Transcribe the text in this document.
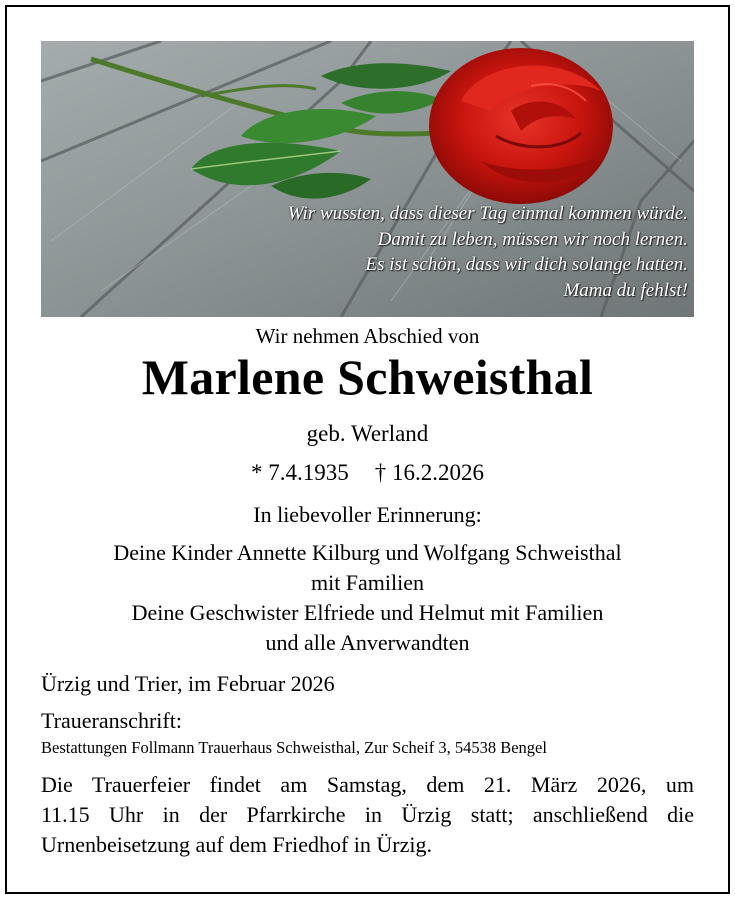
Wir wussten, dass dieser Tag einmal kommen würde.
Damit zu leben, müssen wir noch lernen.
Es ist schön, dass wir dich solange hatten.
Mama du fehlst!
Wir nehmen Abschied von
Marlene Schweisthal
geb. Werland
* 7.4.1935 † 16.2.2026
In liebevoller Erinnerung:
Deine Kinder Annette Kilburg und Wolfgang Schweisthal
mit Familien
Deine Geschwister Elfriede und Helmut mit Familien
und alle Anverwandten
Ürzig und Trier, im Februar 2026
Traueranschrift:
Bestattungen Follmann Trauerhaus Schweisthal, Zur Scheif 3, 54538 Bengel
Die Trauerfeier findet am Samstag, dem 21. März 2026, um
11.15 Uhr in der Pfarrkirche in Ürzig statt; anschließend die
Urnenbeisetzung auf dem Friedhof in Ürzig.
